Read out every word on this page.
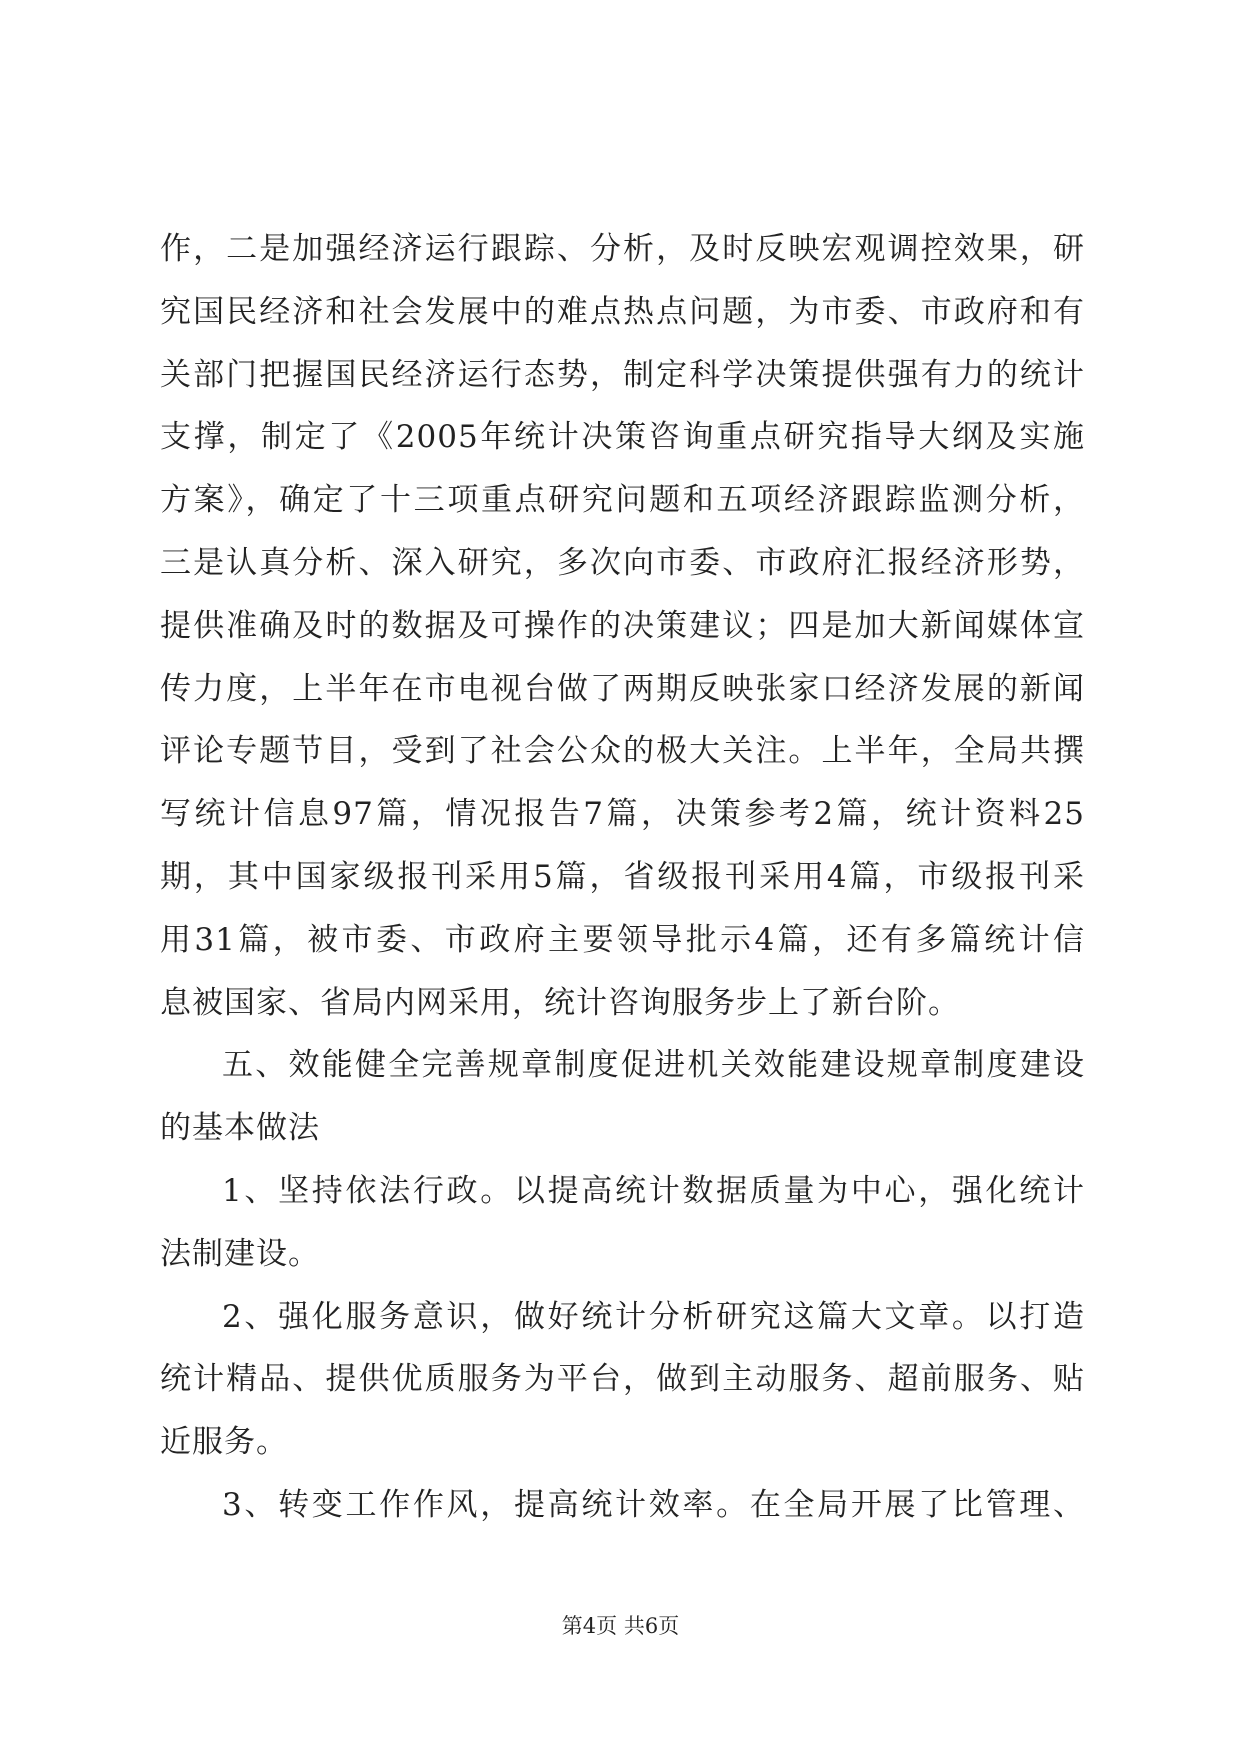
作，二是加强经济运行跟踪、分析，及时反映宏观调控效果，研
究国民经济和社会发展中的难点热点问题，为市委、市政府和有
关部门把握国民经济运行态势，制定科学决策提供强有力的统计
支撑，制定了《2005年统计决策咨询重点研究指导大纲及实施
方案》，确定了十三项重点研究问题和五项经济跟踪监测分析，
三是认真分析、深入研究，多次向市委、市政府汇报经济形势，
提供准确及时的数据及可操作的决策建议；四是加大新闻媒体宣
传力度，上半年在市电视台做了两期反映张家口经济发展的新闻
评论专题节目，受到了社会公众的极大关注。上半年，全局共撰
写统计信息97篇，情况报告7篇，决策参考2篇，统计资料25
期，其中国家级报刊采用5篇，省级报刊采用4篇，市级报刊采
用31篇，被市委、市政府主要领导批示4篇，还有多篇统计信
息被国家、省局内网采用，统计咨询服务步上了新台阶。
五、效能健全完善规章制度促进机关效能建设规章制度建设
的基本做法
1、坚持依法行政。以提高统计数据质量为中心，强化统计
法制建设。
2、强化服务意识，做好统计分析研究这篇大文章。以打造
统计精品、提供优质服务为平台，做到主动服务、超前服务、贴
近服务。
3、转变工作作风，提高统计效率。在全局开展了比管理、
第4页 共6页
